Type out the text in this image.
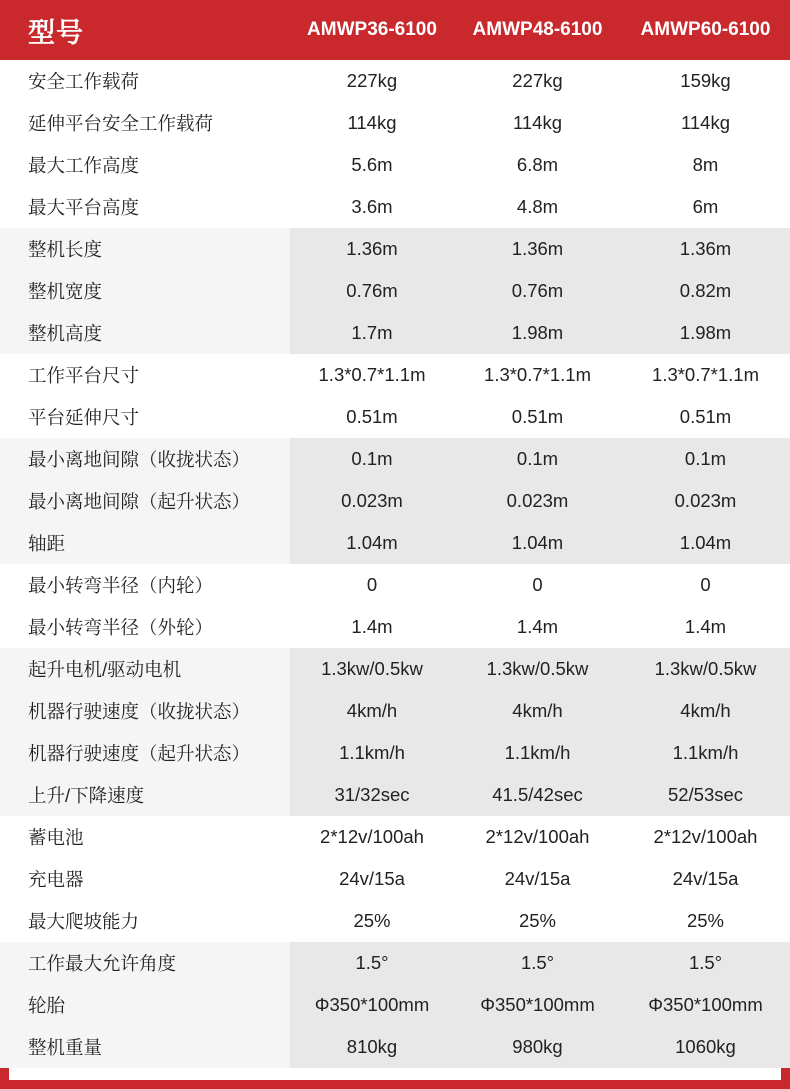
型号	AMWP36-6100	AMWP48-6100	AMWP60-6100
安全工作载荷	227kg	227kg	159kg
延伸平台安全工作载荷	114kg	114kg	114kg
最大工作高度	5.6m	6.8m	8m
最大平台高度	3.6m	4.8m	6m
整机长度	1.36m	1.36m	1.36m
整机宽度	0.76m	0.76m	0.82m
整机高度	1.7m	1.98m	1.98m
工作平台尺寸	1.3*0.7*1.1m	1.3*0.7*1.1m	1.3*0.7*1.1m
平台延伸尺寸	0.51m	0.51m	0.51m
最小离地间隙（收拢状态）	0.1m	0.1m	0.1m
最小离地间隙（起升状态）	0.023m	0.023m	0.023m
轴距	1.04m	1.04m	1.04m
最小转弯半径（内轮）	0	0	0
最小转弯半径（外轮）	1.4m	1.4m	1.4m
起升电机/驱动电机	1.3kw/0.5kw	1.3kw/0.5kw	1.3kw/0.5kw
机器行驶速度（收拢状态）	4km/h	4km/h	4km/h
机器行驶速度（起升状态）	1.1km/h	1.1km/h	1.1km/h
上升/下降速度	31/32sec	41.5/42sec	52/53sec
蓄电池	2*12v/100ah	2*12v/100ah	2*12v/100ah
充电器	24v/15a	24v/15a	24v/15a
最大爬坡能力	25%	25%	25%
工作最大允许角度	1.5°	1.5°	1.5°
轮胎	Φ350*100mm	Φ350*100mm	Φ350*100mm
整机重量	810kg	980kg	1060kg
